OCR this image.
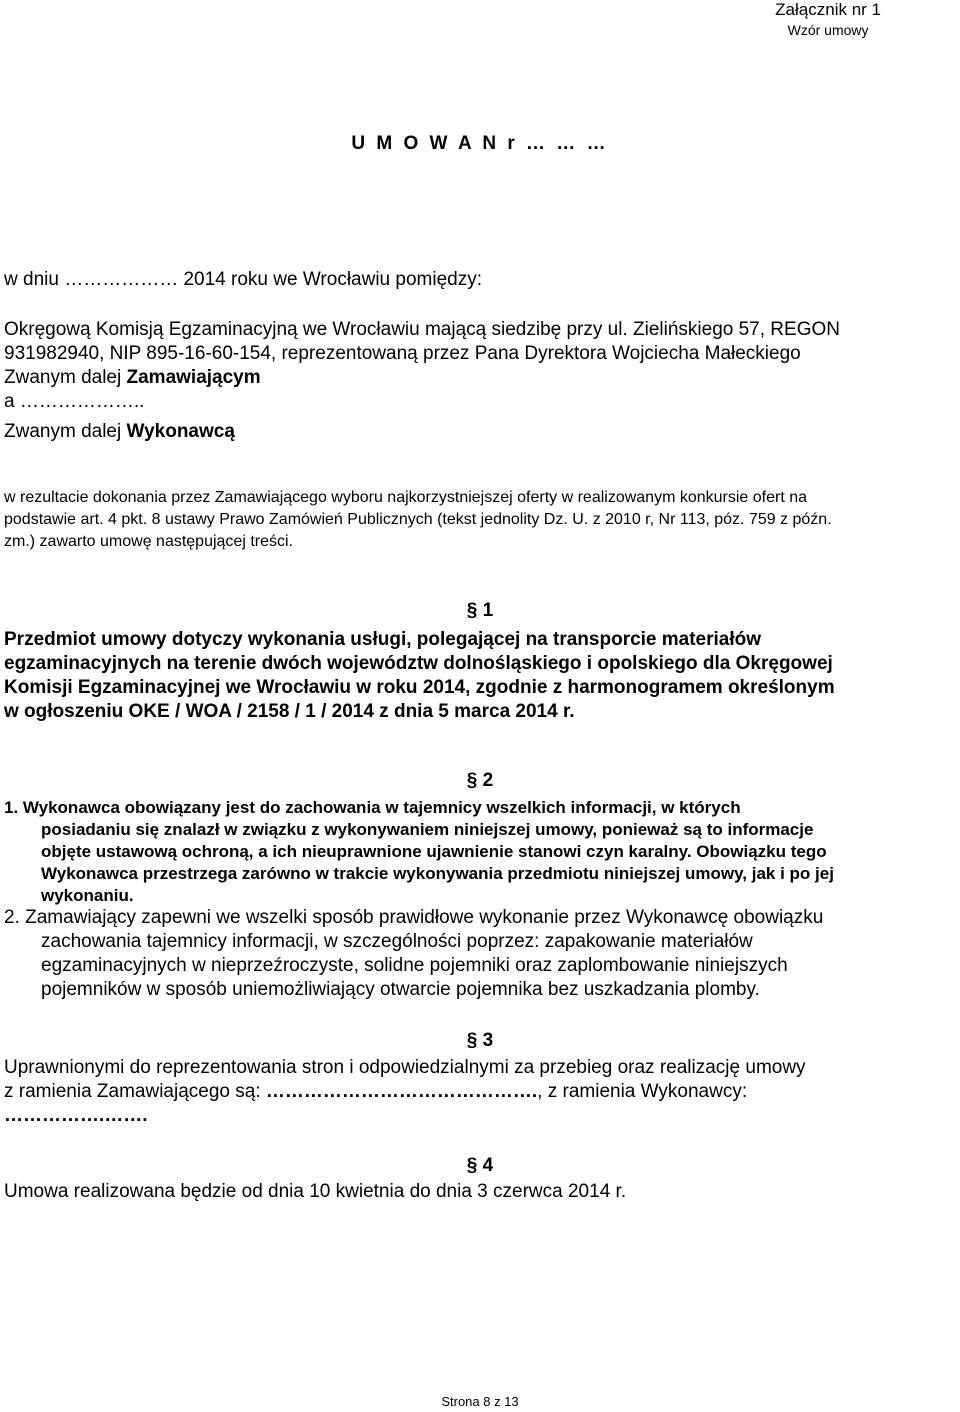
Załącznik nr 1
Wzór umowy
U M O W A N r … … …
w dniu ……………… 2014 roku we Wrocławiu pomiędzy:
Okręgową Komisją Egzaminacyjną we Wrocławiu mającą siedzibę przy ul. Zielińskiego 57, REGON
931982940, NIP 895-16-60-154, reprezentowaną przez Pana Dyrektora Wojciecha Małeckiego
Zwanym dalej Zamawiającym
a ………………..
Zwanym dalej Wykonawcą
w rezultacie dokonania przez Zamawiającego wyboru najkorzystniejszej oferty w realizowanym konkursie ofert na
podstawie art. 4 pkt. 8 ustawy Prawo Zamówień Publicznych (tekst jednolity Dz. U. z 2010 r, Nr 113, póz. 759 z późn.
zm.) zawarto umowę następującej treści.
§ 1
Przedmiot umowy dotyczy wykonania usługi, polegającej na transporcie materiałów
egzaminacyjnych na terenie dwóch województw dolnośląskiego i opolskiego dla Okręgowej
Komisji Egzaminacyjnej we Wrocławiu w roku 2014, zgodnie z harmonogramem określonym
w ogłoszeniu OKE / WOA / 2158 / 1 / 2014 z dnia 5 marca 2014 r.
§ 2
1. Wykonawca obowiązany jest do zachowania w tajemnicy wszelkich informacji, w których
posiadaniu się znalazł w związku z wykonywaniem niniejszej umowy, ponieważ są to informacje
objęte ustawową ochroną, a ich nieuprawnione ujawnienie stanowi czyn karalny. Obowiązku tego
Wykonawca przestrzega zarówno w trakcie wykonywania przedmiotu niniejszej umowy, jak i po jej
wykonaniu.
2. Zamawiający zapewni we wszelki sposób prawidłowe wykonanie przez Wykonawcę obowiązku
zachowania tajemnicy informacji, w szczególności poprzez: zapakowanie materiałów
egzaminacyjnych w nieprzeźroczyste, solidne pojemniki oraz zaplombowanie niniejszych
pojemników w sposób uniemożliwiający otwarcie pojemnika bez uszkadzania plomby.
§ 3
Uprawnionymi do reprezentowania stron i odpowiedzialnymi za przebieg oraz realizację umowy
z ramienia Zamawiającego są: ……………………………………., z ramienia Wykonawcy:
…………….…….
§ 4
Umowa realizowana będzie od dnia 10 kwietnia do dnia 3 czerwca 2014 r.
Strona 8 z 13
